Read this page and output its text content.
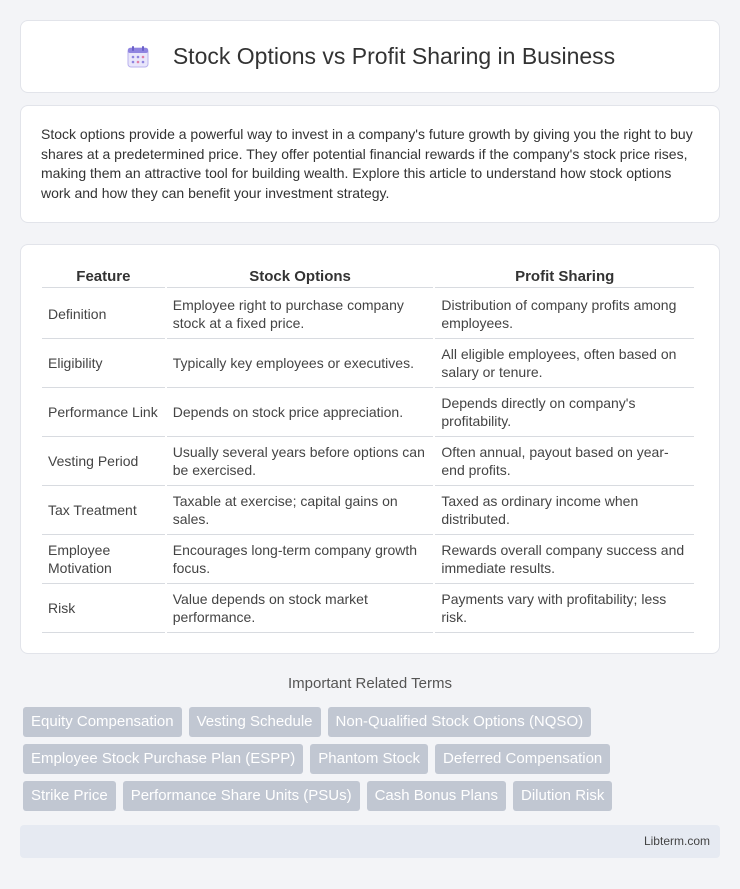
Stock Options vs Profit Sharing in Business

Stock options provide a powerful way to invest in a company's future growth by giving you the right to buy shares at a predetermined price. They offer potential financial rewards if the company's stock price rises, making them an attractive tool for building wealth. Explore this article to understand how stock options work and how they can benefit your investment strategy.

Feature	Stock Options	Profit Sharing

Definition	Employee right to purchase company stock at a fixed price.	Distribution of company profits among employees.
Eligibility	Typically key employees or executives.	All eligible employees, often based on salary or tenure.
Performance Link	Depends on stock price appreciation.	Depends directly on company's profitability.
Vesting Period	Usually several years before options can be exercised.	Often annual, payout based on year-end profits.
Tax Treatment	Taxable at exercise; capital gains on sales.	Taxed as ordinary income when distributed.
Employee Motivation	Encourages long-term company growth focus.	Rewards overall company success and immediate results.
Risk	Value depends on stock market performance.	Payments vary with profitability; less risk.
Important Related Terms
Equity Compensation	Vesting Schedule	Non-Qualified Stock Options (NQSO)
Employee Stock Purchase Plan (ESPP)	Phantom Stock	Deferred Compensation
Strike Price	Performance Share Units (PSUs)	Cash Bonus Plans	Dilution Risk
Libterm.com
